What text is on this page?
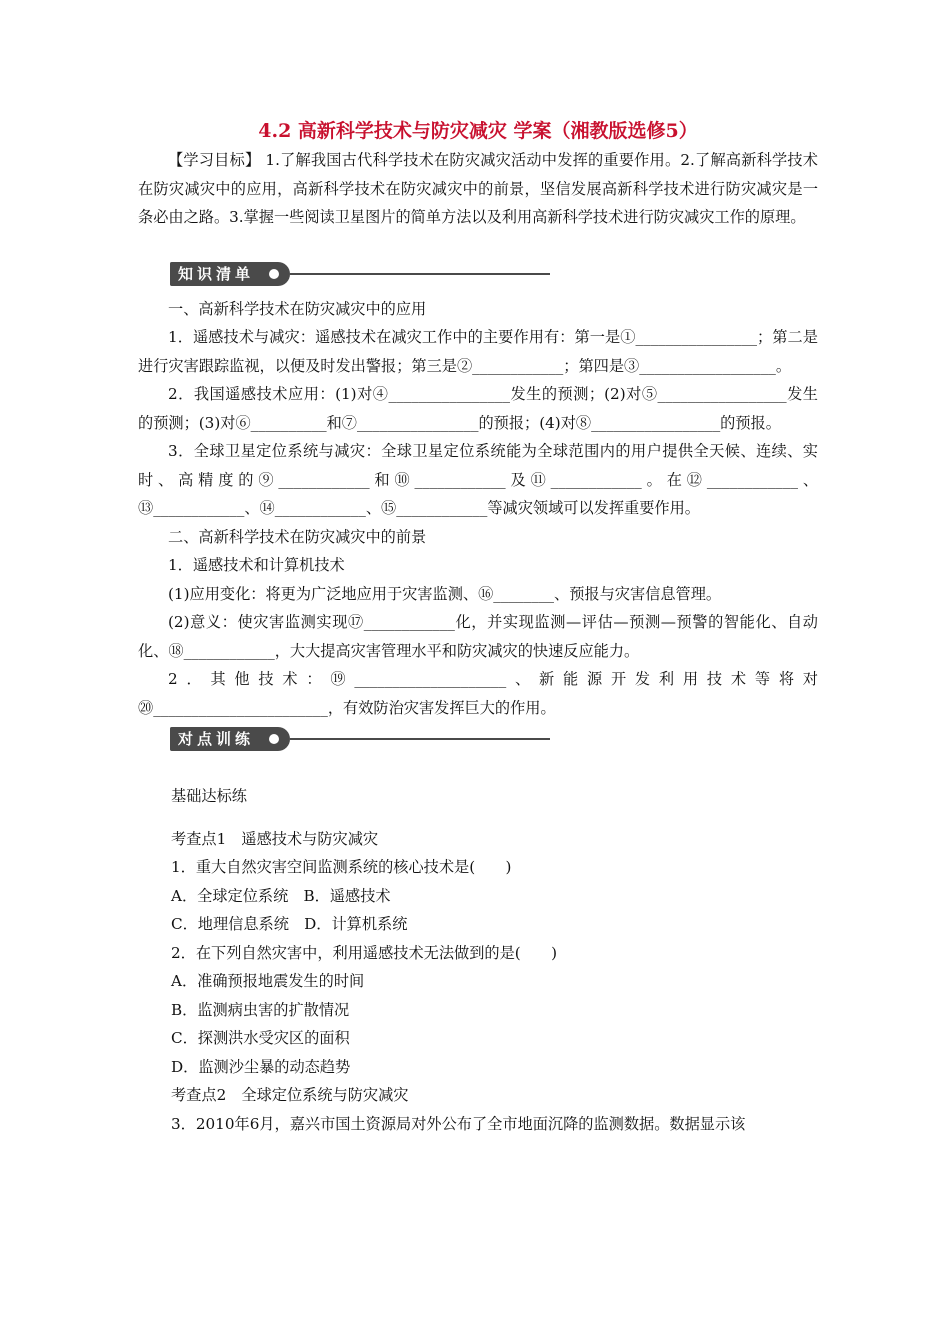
4.2 高新科学技术与防灾减灾 学案（湘教版选修5）

【学习目标】 1.了解我国古代科学技术在防灾减灾活动中发挥的重要作用。2.了解高新科学技术在防灾减灾中的应用，高新科学技术在防灾减灾中的前景，坚信发展高新科学技术进行防灾减灾是一条必由之路。3.掌握一些阅读卫星图片的简单方法以及利用高新科学技术进行防灾减灾工作的原理。

知识清单

一、高新科学技术在防灾减灾中的应用

1．遥感技术与减灾：遥感技术在减灾工作中的主要作用有：第一是①________________；第二是进行灾害跟踪监视，以便及时发出警报；第三是②____________；第四是③__________________。

2．我国遥感技术应用：(1)对④________________发生的预测；(2)对⑤_________________发生的预测；(3)对⑥__________和⑦________________的预报；(4)对⑧_________________的预报。

3．全球卫星定位系统与减灾：全球卫星定位系统能为全球范围内的用户提供全天候、连续、实时、高精度的⑨____________和⑩____________及⑪____________。在⑫____________、⑬____________、⑭____________、⑮____________等减灾领域可以发挥重要作用。

二、高新科学技术在防灾减灾中的前景

1．遥感技术和计算机技术

(1)应用变化：将更为广泛地应用于灾害监测、⑯________、预报与灾害信息管理。

(2)意义：使灾害监测实现⑰____________化，并实现监测—评估—预测—预警的智能化、自动化、⑱____________，大大提高灾害管理水平和防灾减灾的快速反应能力。

2．其他技术：⑲____________________、新能源开发利用技术等将对⑳_______________________，有效防治灾害发挥巨大的作用。

对点训练

基础达标练

考查点1　遥感技术与防灾减灾

1．重大自然灾害空间监测系统的核心技术是(　　)

A．全球定位系统　B．遥感技术

C．地理信息系统　D．计算机系统

2．在下列自然灾害中，利用遥感技术无法做到的是(　　)

A．准确预报地震发生的时间

B．监测病虫害的扩散情况

C．探测洪水受灾区的面积

D．监测沙尘暴的动态趋势

考查点2　全球定位系统与防灾减灾

3．2010年6月，嘉兴市国土资源局对外公布了全市地面沉降的监测数据。数据显示该
